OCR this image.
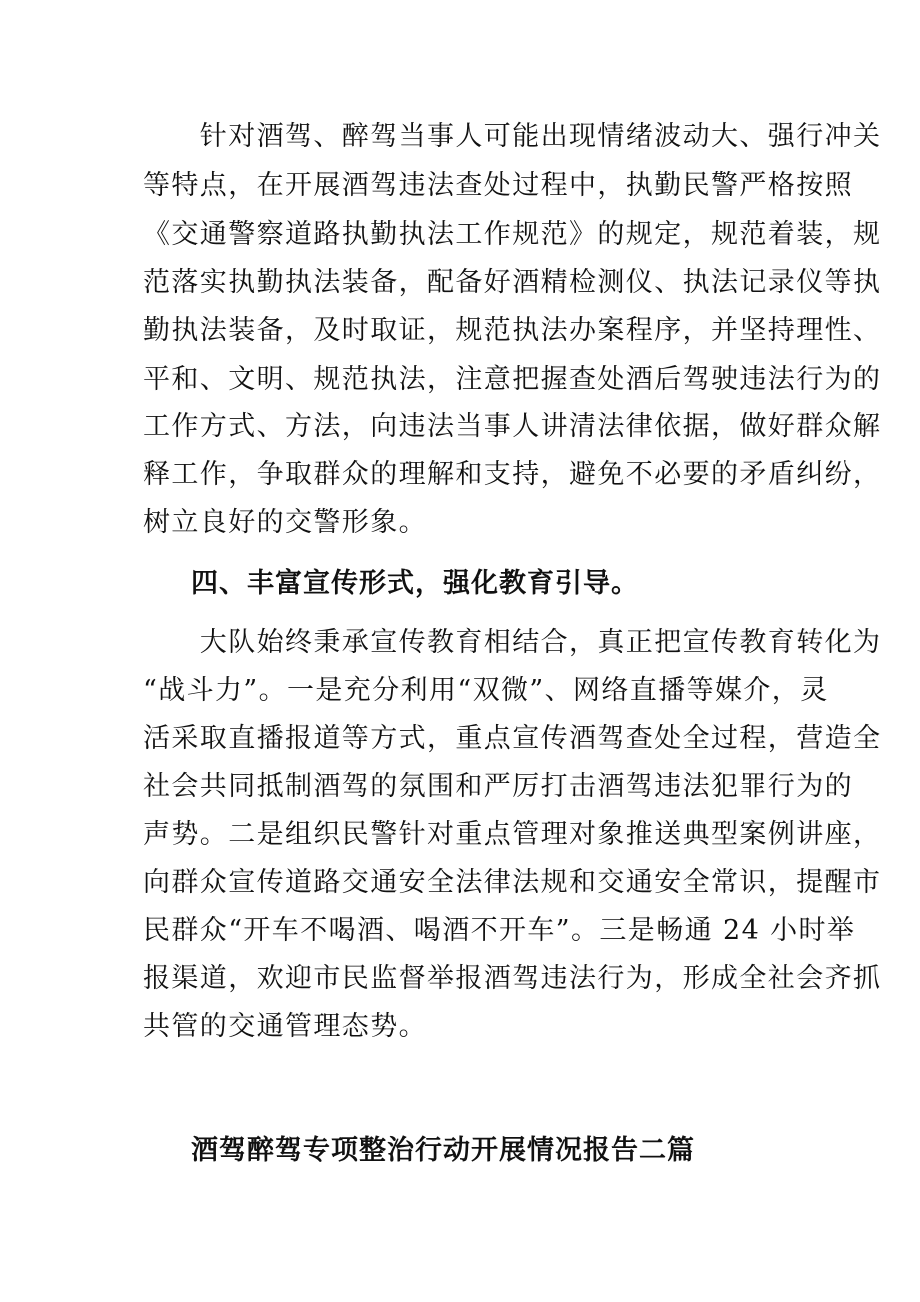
　　针对酒驾、醉驾当事人可能出现情绪波动大、强行冲关
等特点，在开展酒驾违法查处过程中，执勤民警严格按照
《交通警察道路执勤执法工作规范》的规定，规范着装，规
范落实执勤执法装备，配备好酒精检测仪、执法记录仪等执
勤执法装备，及时取证，规范执法办案程序，并坚持理性、
平和、文明、规范执法，注意把握查处酒后驾驶违法行为的
工作方式、方法，向违法当事人讲清法律依据，做好群众解
释工作，争取群众的理解和支持，避免不必要的矛盾纠纷，
树立良好的交警形象。
四、丰富宣传形式，强化教育引导。
　　大队始终秉承宣传教育相结合，真正把宣传教育转化为
“战斗力”。一是充分利用“双微”、网络直播等媒介，灵
活采取直播报道等方式，重点宣传酒驾查处全过程，营造全
社会共同抵制酒驾的氛围和严厉打击酒驾违法犯罪行为的
声势。二是组织民警针对重点管理对象推送典型案例讲座，
向群众宣传道路交通安全法律法规和交通安全常识，提醒市
民群众“开车不喝酒、喝酒不开车”。三是畅通 24 小时举
报渠道，欢迎市民监督举报酒驾违法行为，形成全社会齐抓
共管的交通管理态势。
酒驾醉驾专项整治行动开展情况报告二篇
